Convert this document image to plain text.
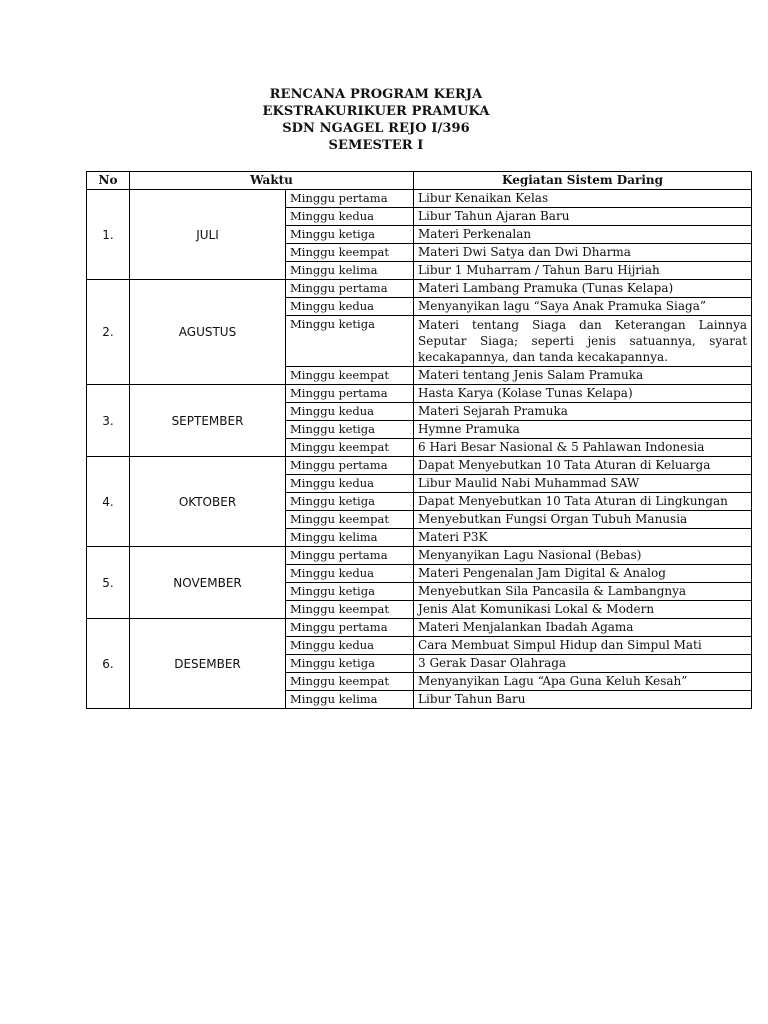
RENCANA PROGRAM KERJA
EKSTRAKURIKUER PRAMUKA
SDN NGAGEL REJO I/396
SEMESTER I
No	Waktu		Kegiatan Sistem Daring
1.	JULI	Minggu pertama	Libur Kenaikan Kelas
		Minggu kedua	Libur Tahun Ajaran Baru
		Minggu ketiga	Materi Perkenalan
		Minggu keempat	Materi Dwi Satya dan Dwi Dharma
		Minggu kelima	Libur 1 Muharram / Tahun Baru Hijriah
2.	AGUSTUS	Minggu pertama	Materi Lambang Pramuka (Tunas Kelapa)
		Minggu kedua	Menyanyikan lagu “Saya Anak Pramuka Siaga”
		Minggu ketiga	Materi tentang Siaga dan Keterangan Lainnya Seputar Siaga; seperti jenis satuannya, syarat kecakapannya, dan tanda kecakapannya.
		Minggu keempat	Materi tentang Jenis Salam Pramuka
3.	SEPTEMBER	Minggu pertama	Hasta Karya (Kolase Tunas Kelapa)
		Minggu kedua	Materi Sejarah Pramuka
		Minggu ketiga	Hymne Pramuka
		Minggu keempat	6 Hari Besar Nasional & 5 Pahlawan Indonesia
4.	OKTOBER	Minggu pertama	Dapat Menyebutkan 10 Tata Aturan di Keluarga
		Minggu kedua	Libur Maulid Nabi Muhammad SAW
		Minggu ketiga	Dapat Menyebutkan 10 Tata Aturan di Lingkungan
		Minggu keempat	Menyebutkan Fungsi Organ Tubuh Manusia
		Minggu kelima	Materi P3K
5.	NOVEMBER	Minggu pertama	Menyanyikan Lagu Nasional (Bebas)
		Minggu kedua	Materi Pengenalan Jam Digital & Analog
		Minggu ketiga	Menyebutkan Sila Pancasila & Lambangnya
		Minggu keempat	Jenis Alat Komunikasi Lokal & Modern
6.	DESEMBER	Minggu pertama	Materi Menjalankan Ibadah Agama
		Minggu kedua	Cara Membuat Simpul Hidup dan Simpul Mati
		Minggu ketiga	3 Gerak Dasar Olahraga
		Minggu keempat	Menyanyikan Lagu “Apa Guna Keluh Kesah”
		Minggu kelima	Libur Tahun Baru
